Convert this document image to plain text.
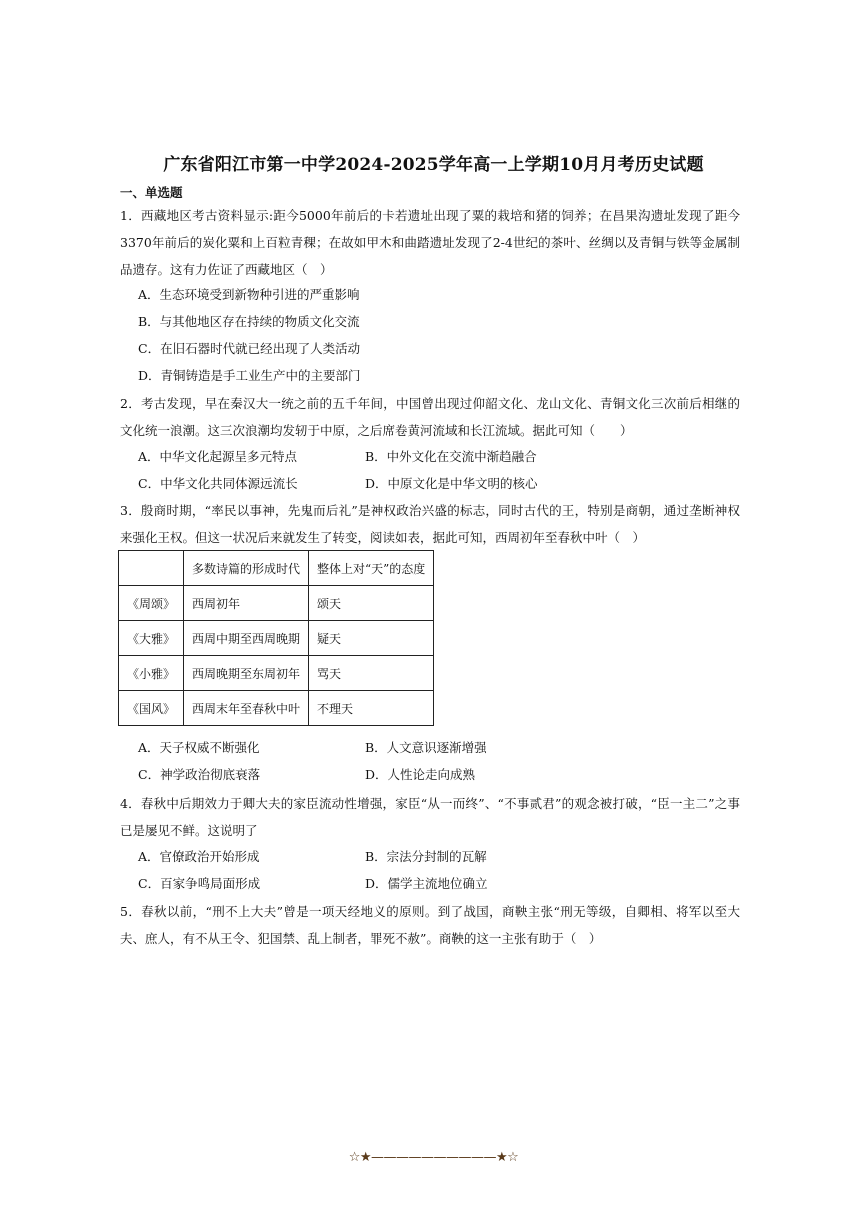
广东省阳江市第一中学2024-2025学年高一上学期10月月考历史试题
一、单选题
1．西藏地区考古资料显示:距今5000年前后的卡若遗址出现了粟的栽培和猪的饲养；在昌果沟遗址发现了距今3370年前后的炭化粟和上百粒青稞；在故如甲木和曲踏遗址发现了2-4世纪的茶叶、丝绸以及青铜与铁等金属制品遗存。这有力佐证了西藏地区（　）
A．生态环境受到新物种引进的严重影响
B．与其他地区存在持续的物质文化交流
C．在旧石器时代就已经出现了人类活动
D．青铜铸造是手工业生产中的主要部门
2．考古发现，早在秦汉大一统之前的五千年间，中国曾出现过仰韶文化、龙山文化、青铜文化三次前后相继的文化统一浪潮。这三次浪潮均发轫于中原，之后席卷黄河流域和长江流域。据此可知（　　）
A．中华文化起源呈多元特点	B．中外文化在交流中渐趋融合
C．中华文化共同体源远流长	D．中原文化是中华文明的核心
3．殷商时期，“率民以事神，先鬼而后礼”是神权政治兴盛的标志，同时古代的王，特别是商朝，通过垄断神权来强化王权。但这一状况后来就发生了转变，阅读如表，据此可知，西周初年至春秋中叶（　）
	多数诗篇的形成时代	整体上对“天”的态度
《周颂》	西周初年	颂天
《大雅》	西周中期至西周晚期	疑天
《小雅》	西周晚期至东周初年	骂天
《国风》	西周末年至春秋中叶	不理天
A．天子权威不断强化	B．人文意识逐渐增强
C．神学政治彻底衰落	D．人性论走向成熟
4．春秋中后期效力于卿大夫的家臣流动性增强，家臣“从一而终”、“不事贰君”的观念被打破，“臣一主二”之事已是屡见不鲜。这说明了
A．官僚政治开始形成	B．宗法分封制的瓦解
C．百家争鸣局面形成	D．儒学主流地位确立
5．春秋以前，“刑不上大夫”曾是一项天经地义的原则。到了战国，商鞅主张“刑无等级，自卿相、将军以至大夫、庶人，有不从王令、犯国禁、乱上制者，罪死不赦”。商鞅的这一主张有助于（　）
☆★——————————★☆
